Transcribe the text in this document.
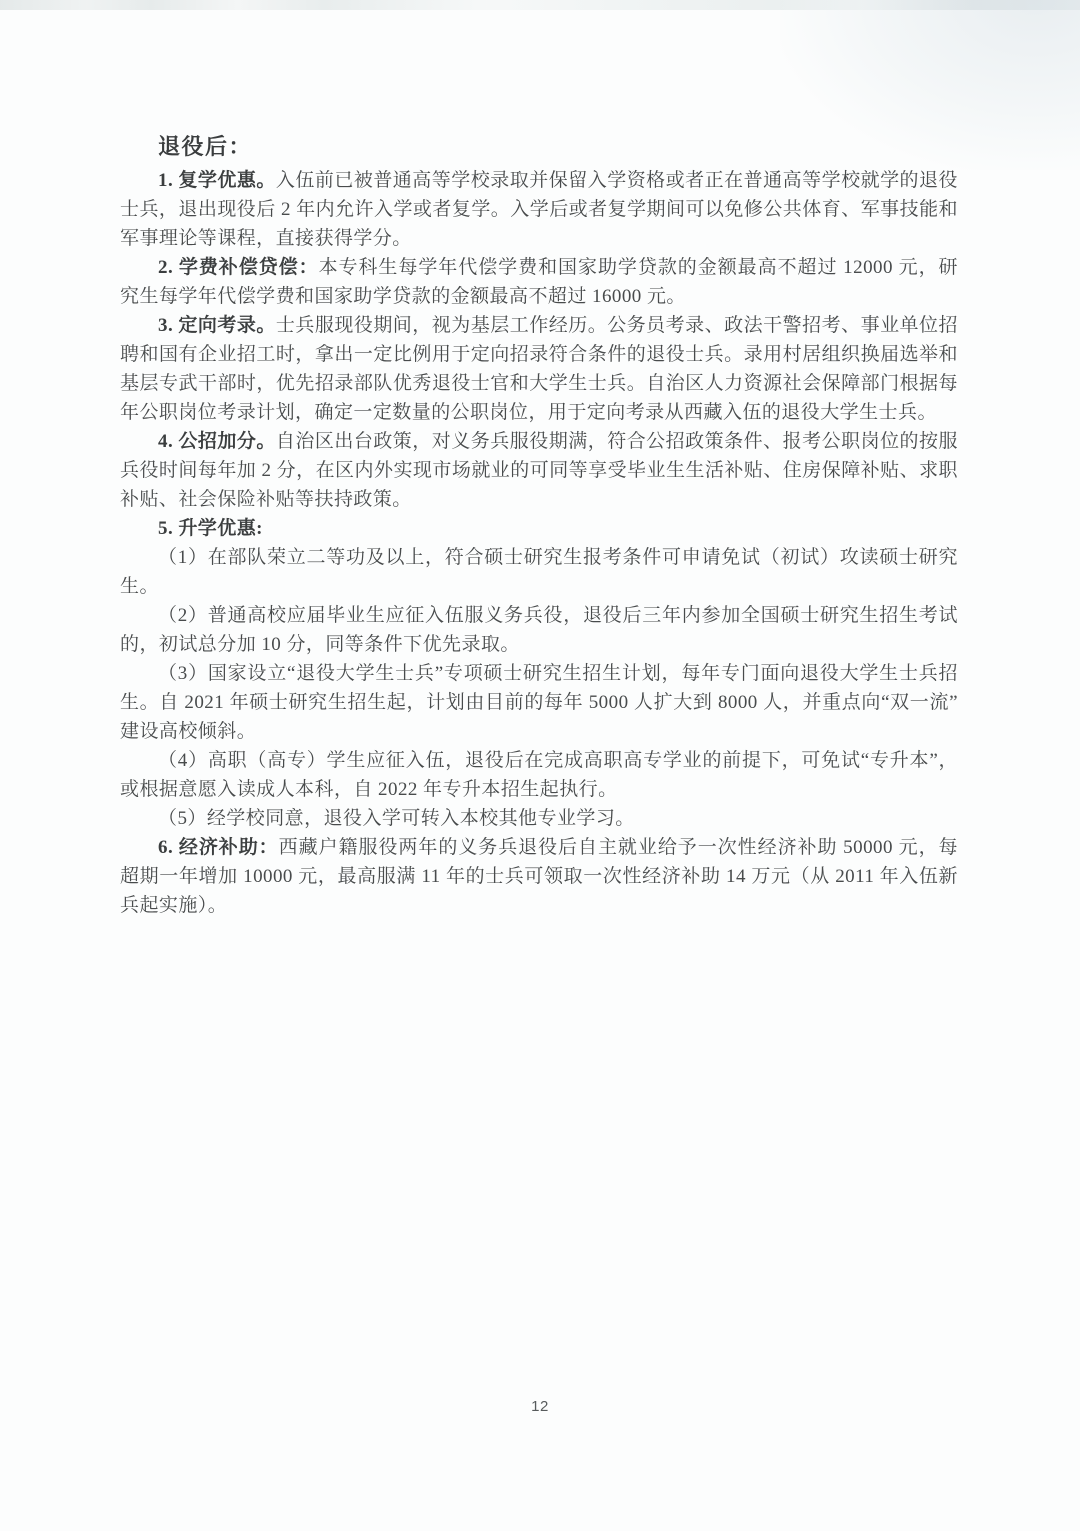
退役后：

1. 复学优惠。入伍前已被普通高等学校录取并保留入学资格或者正在普通高等学校就学的退役士兵，退出现役后 2 年内允许入学或者复学。入学后或者复学期间可以免修公共体育、军事技能和军事理论等课程，直接获得学分。

2. 学费补偿贷偿：本专科生每学年代偿学费和国家助学贷款的金额最高不超过 12000 元，研究生每学年代偿学费和国家助学贷款的金额最高不超过 16000 元。

3. 定向考录。士兵服现役期间，视为基层工作经历。公务员考录、政法干警招考、事业单位招聘和国有企业招工时，拿出一定比例用于定向招录符合条件的退役士兵。录用村居组织换届选举和基层专武干部时，优先招录部队优秀退役士官和大学生士兵。自治区人力资源社会保障部门根据每年公职岗位考录计划，确定一定数量的公职岗位，用于定向考录从西藏入伍的退役大学生士兵。

4. 公招加分。自治区出台政策，对义务兵服役期满，符合公招政策条件、报考公职岗位的按服兵役时间每年加 2 分，在区内外实现市场就业的可同等享受毕业生生活补贴、住房保障补贴、求职补贴、社会保险补贴等扶持政策。

5. 升学优惠:

（1）在部队荣立二等功及以上，符合硕士研究生报考条件可申请免试（初试）攻读硕士研究生。

（2）普通高校应届毕业生应征入伍服义务兵役，退役后三年内参加全国硕士研究生招生考试的，初试总分加 10 分，同等条件下优先录取。

（3）国家设立“退役大学生士兵”专项硕士研究生招生计划，每年专门面向退役大学生士兵招生。自 2021 年硕士研究生招生起，计划由目前的每年 5000 人扩大到 8000 人，并重点向“双一流”建设高校倾斜。

（4）高职（高专）学生应征入伍，退役后在完成高职高专学业的前提下，可免试“专升本”，或根据意愿入读成人本科，自 2022 年专升本招生起执行。

（5）经学校同意，退役入学可转入本校其他专业学习。

6. 经济补助：西藏户籍服役两年的义务兵退役后自主就业给予一次性经济补助 50000 元，每超期一年增加 10000 元，最高服满 11 年的士兵可领取一次性经济补助 14 万元（从 2011 年入伍新兵起实施）。

12
